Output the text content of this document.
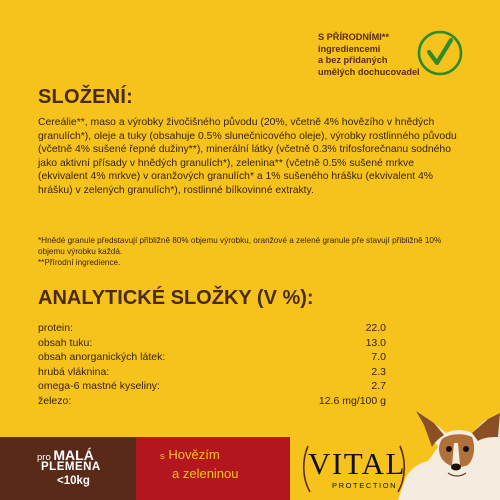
S PŘÍRODNÍMI**
ingrediencemi
a bez přidaných
umělých dochucovadel
SLOŽENÍ:

Cereálie**, maso a výrobky živočišného původu (20%, včetně 4% hovězího v hnědých granulích*), oleje a tuky (obsahuje 0.5% slunečnicového oleje), výrobky rostlinného původu (včetně 4% sušené řepné dužiny**), minerální látky (včetně 0.3% trifosforečnanu sodného jako aktivní přísady v hnědých granulích*), zelenina** (včetně 0.5% sušené mrkve (ekvivalent 4% mrkve) v oranžových granulích* a 1% sušeného hrášku (ekvivalent 4% hrášku) v zelených granulích*), rostlinné bílkovinné extrakty.

*Hnědé granule představují přibližně 80% objemu výrobku, oranžové a zelené granule pře stavují přibližně 10% objemu výrobku každá.
**Přírodní ingredience.
ANALYTICKÉ SLOŽKY (V %):
protein:	22.0
obsah tuku:	13.0
obsah anorganických látek:	7.0
hrubá vláknina:	2.3
omega-6 mastné kyseliny:	2.7
železo:	12.6 mg/100 g
pro MALÁ
PLEMENA
<10kg
s Hovězím
a zeleninou VITAL
PROTECTION
